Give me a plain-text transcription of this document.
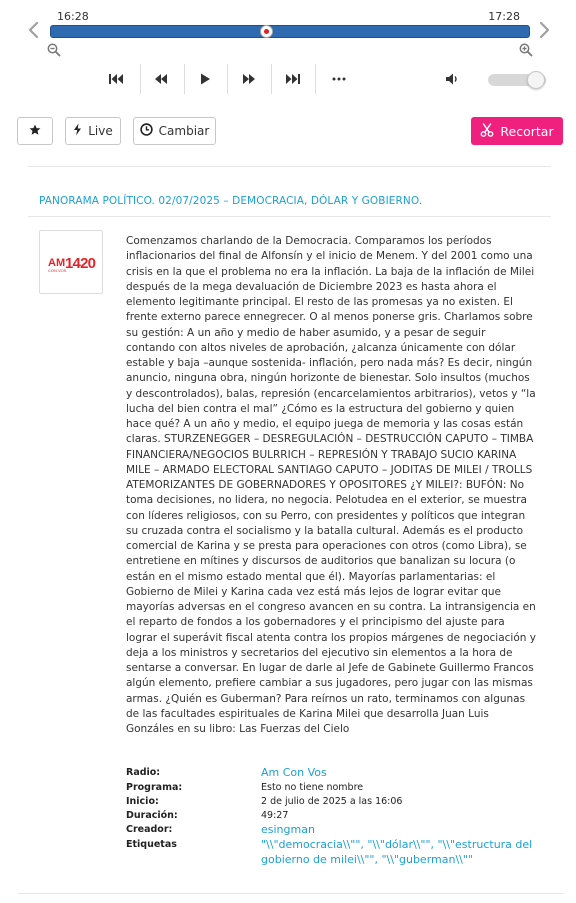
16:28	17:28
Live	Cambiar	Recortar
PANORAMA POLÍTICO. 02/07/2025 – DEMOCRACIA, DÓLAR Y GOBIERNO.
AM
CON VOS
1420
Comenzamos charlando de la Democracia. Comparamos los períodos inflacionarios del final de Alfonsín y el inicio de Menem. Y del 2001 como una crisis en la que el problema no era la inflación. La baja de la inflación de Milei después de la mega devaluación de Diciembre 2023 es hasta ahora el elemento legitimante principal. El resto de las promesas ya no existen. El frente externo parece ennegrecer. O al menos ponerse gris. Charlamos sobre su gestión: A un año y medio de haber asumido, y a pesar de seguir contando con altos niveles de aprobación, ¿alcanza únicamente con dólar estable y baja –aunque sostenida- inflación, pero nada más? Es decir, ningún anuncio, ninguna obra, ningún horizonte de bienestar. Solo insultos (muchos y descontrolados), balas, represión (encarcelamientos arbitrarios), vetos y “la lucha del bien contra el mal” ¿Cómo es la estructura del gobierno y quien hace qué? A un año y medio, el equipo juega de memoria y las cosas están claras. STURZENEGGER – DESREGULACIÓN – DESTRUCCIÓN CAPUTO – TIMBA FINANCIERA/NEGOCIOS BULRRICH – REPRESIÓN Y TRABAJO SUCIO KARINA MILE – ARMADO ELECTORAL SANTIAGO CAPUTO – JODITAS DE MILEI / TROLLS ATEMORIZANTES DE GOBERNADORES Y OPOSITORES ¿Y MILEI?: BUFÓN: No toma decisiones, no lidera, no negocia. Pelotudea en el exterior, se muestra con líderes religiosos, con su Perro, con presidentes y políticos que integran su cruzada contra el socialismo y la batalla cultural. Además es el producto comercial de Karina y se presta para operaciones con otros (como Libra), se entretiene en mítines y discursos de auditorios que banalizan su locura (o están en el mismo estado mental que él). Mayorías parlamentarias: el Gobierno de Milei y Karina cada vez está más lejos de lograr evitar que mayorías adversas en el congreso avancen en su contra. La intransigencia en el reparto de fondos a los gobernadores y el principismo del ajuste para lograr el superávit fiscal atenta contra los propios márgenes de negociación y deja a los ministros y secretarios del ejecutivo sin elementos a la hora de sentarse a conversar. En lugar de darle al Jefe de Gabinete Guillermo Francos algún elemento, prefiere cambiar a sus jugadores, pero jugar con las mismas armas. ¿Quién es Guberman? Para reírnos un rato, terminamos con algunas de las facultades espirituales de Karina Milei que desarrolla Juan Luis Gonzáles en su libro: Las Fuerzas del Cielo
Radio:	Am Con Vos
Programa:	Esto no tiene nombre
Inicio:	2 de julio de 2025 a las 16:06
Duración:	49:27
Creador:	esingman
Etiquetas	"\\"democracia\\"", "\\"dólar\\"", "\\"estructura del gobierno de milei\\"", "\\"guberman\\""
